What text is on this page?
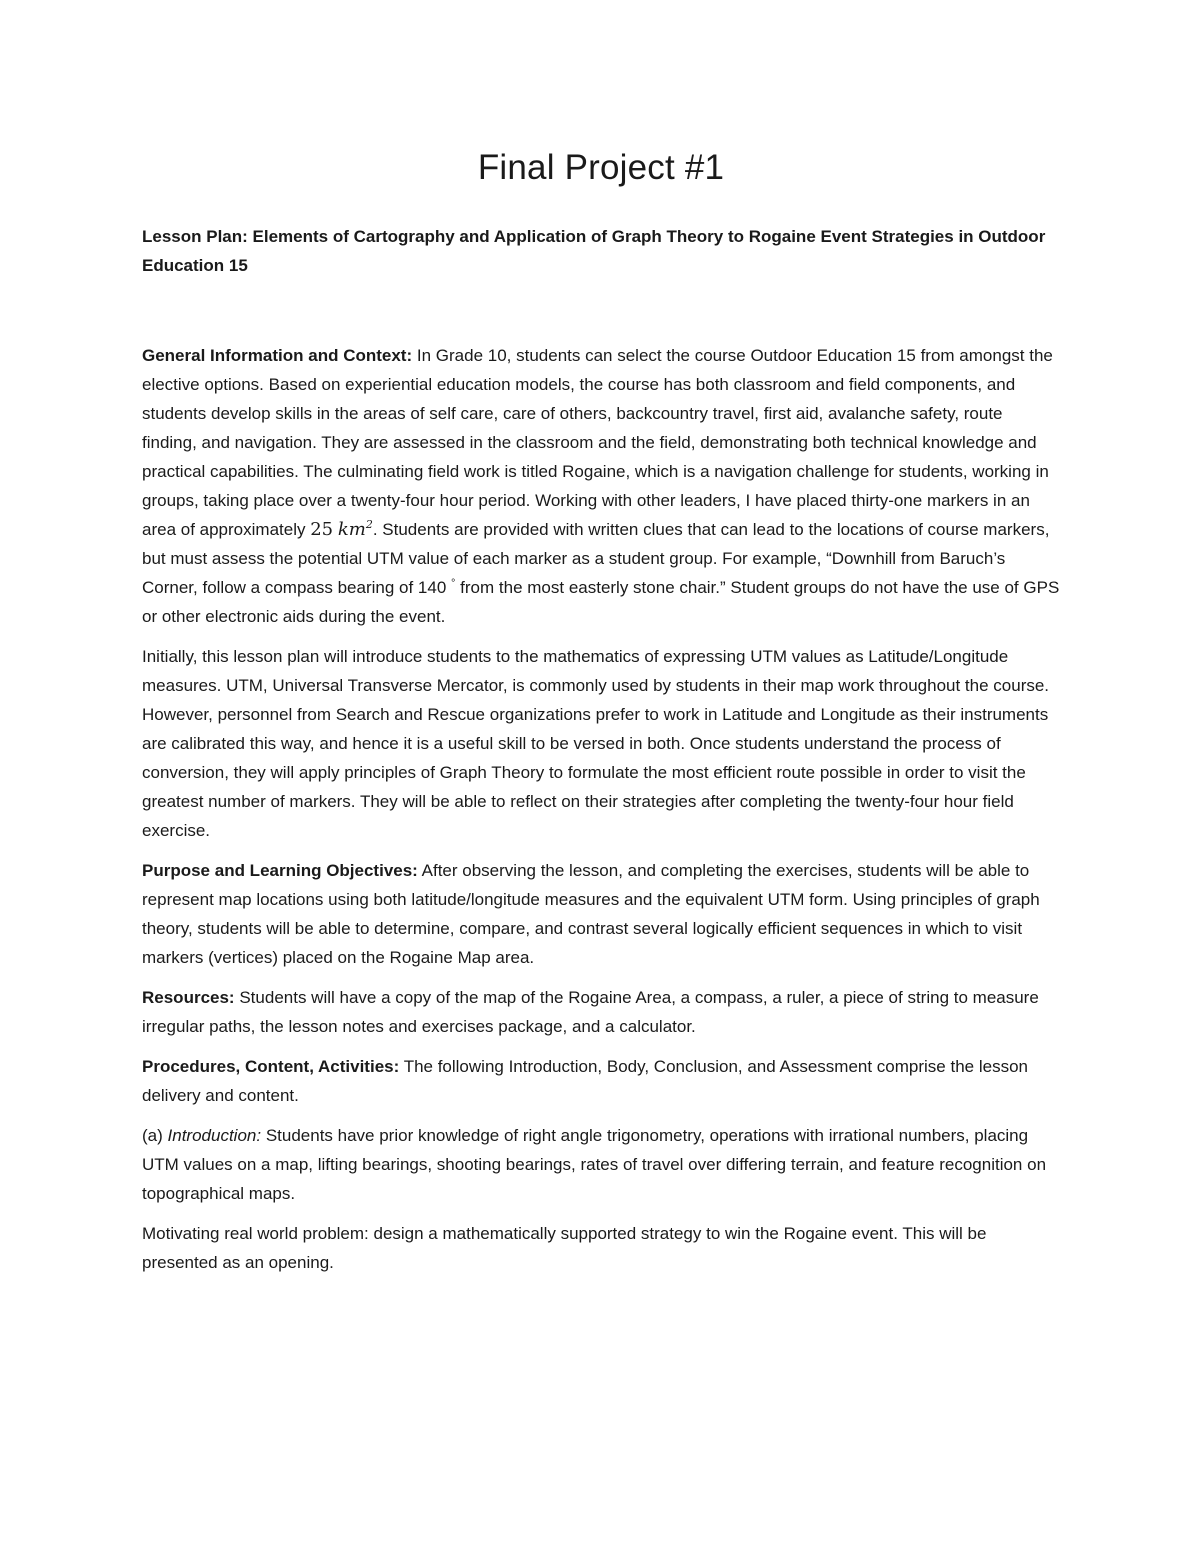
Final Project #1
Lesson Plan: Elements of Cartography and Application of Graph Theory to Rogaine Event Strategies in Outdoor Education 15

General Information and Context: In Grade 10, students can select the course Outdoor Education 15 from amongst the elective options. Based on experiential education models, the course has both classroom and field components, and students develop skills in the areas of self care, care of others, backcountry travel, first aid, avalanche safety, route finding, and navigation. They are assessed in the classroom and the field, demonstrating both technical knowledge and practical capabilities. The culminating field work is titled Rogaine, which is a navigation challenge for students, working in groups, taking place over a twenty-four hour period. Working with other leaders, I have placed thirty-one markers in an area of approximately 25 $km^2$. Students are provided with written clues that can lead to the locations of course markers, but must assess the potential UTM value of each marker as a student group. For example, “Downhill from Baruch’s Corner, follow a compass bearing of 140 ° from the most easterly stone chair.” Student groups do not have the use of GPS or other electronic aids during the event.

Initially, this lesson plan will introduce students to the mathematics of expressing UTM values as Latitude/Longitude measures. UTM, Universal Transverse Mercator, is commonly used by students in their map work throughout the course. However, personnel from Search and Rescue organizations prefer to work in Latitude and Longitude as their instruments are calibrated this way, and hence it is a useful skill to be versed in both. Once students understand the process of conversion, they will apply principles of Graph Theory to formulate the most efficient route possible in order to visit the greatest number of markers. They will be able to reflect on their strategies after completing the twenty-four hour field exercise.

Purpose and Learning Objectives: After observing the lesson, and completing the exercises, students will be able to represent map locations using both latitude/longitude measures and the equivalent UTM form. Using principles of graph theory, students will be able to determine, compare, and contrast several logically efficient sequences in which to visit markers (vertices) placed on the Rogaine Map area.

Resources: Students will have a copy of the map of the Rogaine Area, a compass, a ruler, a piece of string to measure irregular paths, the lesson notes and exercises package, and a calculator.

Procedures, Content, Activities: The following Introduction, Body, Conclusion, and Assessment comprise the lesson delivery and content.

(a) Introduction: Students have prior knowledge of right angle trigonometry, operations with irrational numbers, placing UTM values on a map, lifting bearings, shooting bearings, rates of travel over differing terrain, and feature recognition on topographical maps.

Motivating real world problem: design a mathematically supported strategy to win the Rogaine event. This will be presented as an opening.
